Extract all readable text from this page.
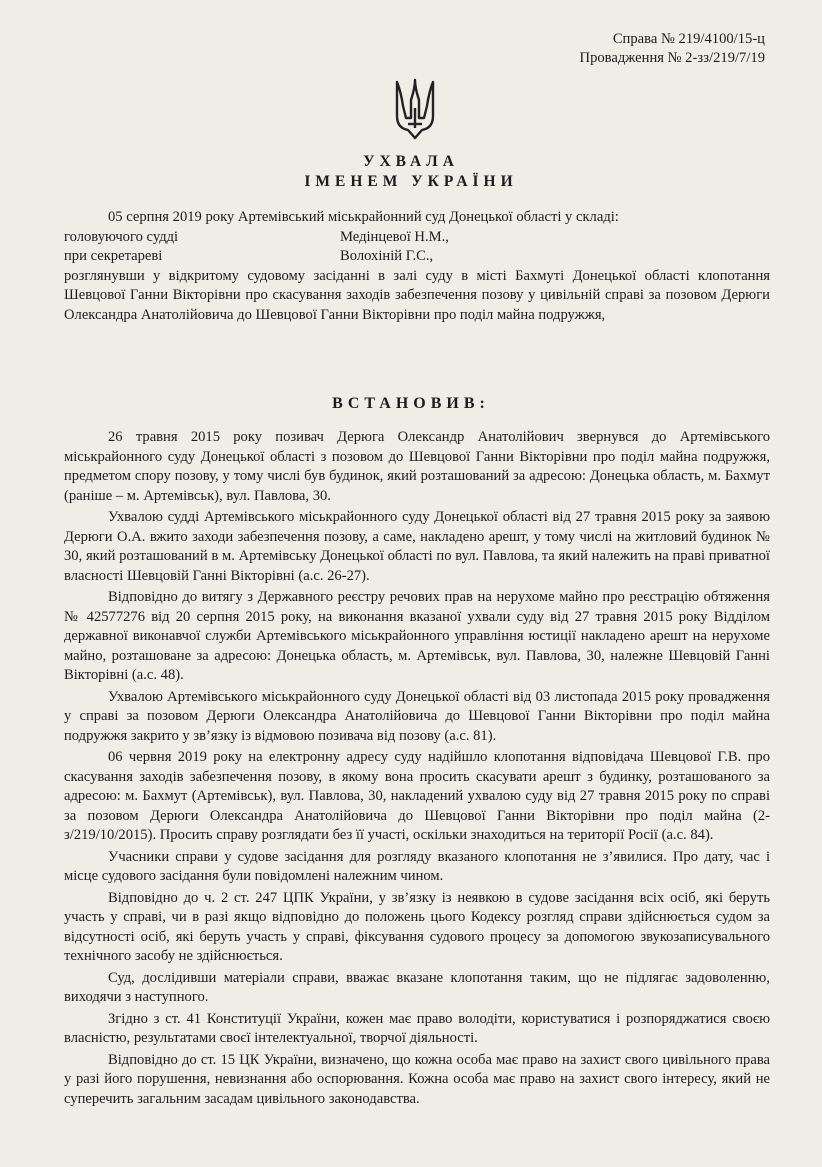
Справа № 219/4100/15-ц
Провадження № 2-зз/219/7/19
УХВАЛА
ІМЕНЕМ УКРАЇНИ

05 серпня 2019 року Артемівський міськрайонний суд Донецької області у складі:

головуючого судді	Медінцевої Н.М.,
при секретареві	Волохіній Г.С.,

розглянувши у відкритому судовому засіданні в залі суду в місті Бахмуті Донецької області клопотання Шевцової Ганни Вікторівни про скасування заходів забезпечення позову у цивільній справі за позовом Дерюги Олександра Анатолійовича до Шевцової Ганни Вікторівни про поділ майна подружжя,

ВСТАНОВИВ:

26 травня 2015 року позивач Дерюга Олександр Анатолійович звернувся до Артемівського міськрайонного суду Донецької області з позовом до Шевцової Ганни Вікторівни про поділ майна подружжя, предметом спору позову, у тому числі був будинок, який розташований за адресою: Донецька область, м. Бахмут (раніше – м. Артемівськ), вул. Павлова, 30.

Ухвалою судді Артемівського міськрайонного суду Донецької області від 27 травня 2015 року за заявою Дерюги О.А. вжито заходи забезпечення позову, а саме, накладено арешт, у тому числі на житловий будинок № 30, який розташований в м. Артемівську Донецької області по вул. Павлова, та який належить на праві приватної власності Шевцовій Ганні Вікторівні (а.с. 26-27).

Відповідно до витягу з Державного реєстру речових прав на нерухоме майно про реєстрацію обтяження № 42577276 від 20 серпня 2015 року, на виконання вказаної ухвали суду від 27 травня 2015 року Відділом державної виконавчої служби Артемівського міськрайонного управління юстиції накладено арешт на нерухоме майно, розташоване за адресою: Донецька область, м. Артемівськ, вул. Павлова, 30, належне Шевцовій Ганні Вікторівні (а.с. 48).

Ухвалою Артемівського міськрайонного суду Донецької області від 03 листопада 2015 року провадження у справі за позовом Дерюги Олександра Анатолійовича до Шевцової Ганни Вікторівни про поділ майна подружжя закрито у зв’язку із відмовою позивача від позову (а.с. 81).

06 червня 2019 року на електронну адресу суду надійшло клопотання відповідача Шевцової Г.В. про скасування заходів забезпечення позову, в якому вона просить скасувати арешт з будинку, розташованого за адресою: м. Бахмут (Артемівськ), вул. Павлова, 30, накладений ухвалою суду від 27 травня 2015 року по справі за позовом Дерюги Олександра Анатолійовича до Шевцової Ганни Вікторівни про поділ майна (2-з/219/10/2015). Просить справу розглядати без її участі, оскільки знаходиться на території Росії (а.с. 84).

Учасники справи у судове засідання для розгляду вказаного клопотання не з’явилися. Про дату, час і місце судового засідання були повідомлені належним чином.

Відповідно до ч. 2 ст. 247 ЦПК України, у зв’язку із неявкою в судове засідання всіх осіб, які беруть участь у справі, чи в разі якщо відповідно до положень цього Кодексу розгляд справи здійснюється судом за відсутності осіб, які беруть участь у справі, фіксування судового процесу за допомогою звукозаписувального технічного засобу не здійснюється.

Суд, дослідивши матеріали справи, вважає вказане клопотання таким, що не підлягає задоволенню, виходячи з наступного.

Згідно з ст. 41 Конституції України, кожен має право володіти, користуватися і розпоряджатися своєю власністю, результатами своєї інтелектуальної, творчої діяльності.

Відповідно до ст. 15 ЦК України, визначено, що кожна особа має право на захист свого цивільного права у разі його порушення, невизнання або оспорювання. Кожна особа має право на захист свого інтересу, який не суперечить загальним засадам цивільного законодавства.
